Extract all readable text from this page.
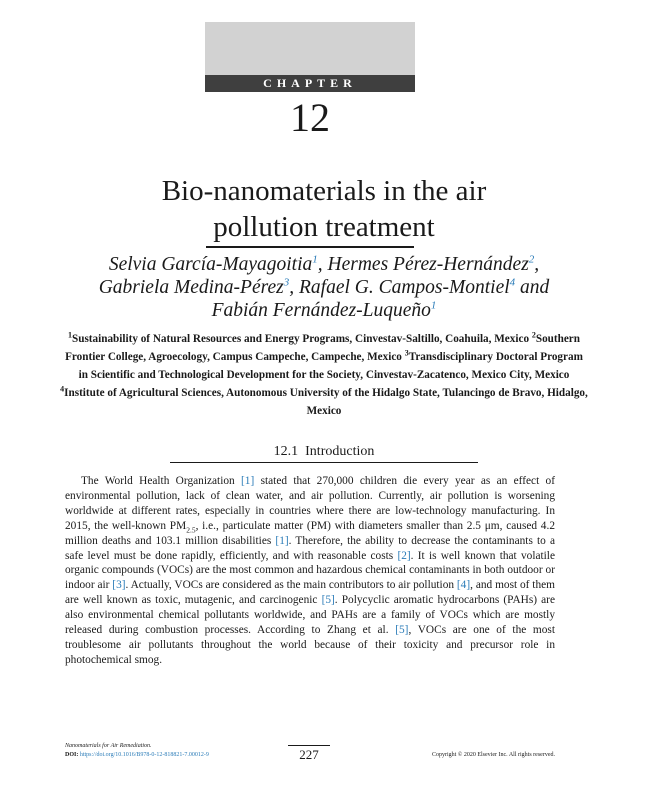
CHAPTER
12
Bio-nanomaterials in the air
pollution treatment
Selvia García-Mayagoitia$^1$, Hermes Pérez-Hernández$^2$,
Gabriela Medina-Pérez$^3$, Rafael G. Campos-Montiel$^4$ and
Fabián Fernández-Luqueño$^1$
$^1$Sustainability of Natural Resources and Energy Programs, Cinvestav-Saltillo, Coahuila, Mexico $^2$Southern Frontier College, Agroecology, Campus Campeche, Campeche, Mexico $^3$Transdisciplinary Doctoral Program in Scientific and Technological Development for the Society, Cinvestav-Zacatenco, Mexico City, Mexico $^4$Institute of Agricultural Sciences, Autonomous University of the Hidalgo State, Tulancingo de Bravo, Hidalgo, Mexico
12.1 Introduction
The World Health Organization [1] stated that 270,000 children die every year as an effect of environmental pollution, lack of clean water, and air pollution. Currently, air pollution is worsening worldwide at different rates, especially in countries where there are low-technology manufacturing. In 2015, the well-known $PM_{2.5}$, i.e., particulate matter (PM) with diameters smaller than 2.5 μm, caused 4.2 million deaths and 103.1 million disabilities [1]. Therefore, the ability to decrease the contaminants to a safe level must be done rapidly, efficiently, and with reasonable costs [2]. It is well known that volatile organic compounds (VOCs) are the most common and hazardous chemical contaminants in both outdoor or indoor air [3]. Actually, VOCs are considered as the main contributors to air pollution [4], and most of them are well known as toxic, mutagenic, and carcinogenic [5]. Polycyclic aromatic hydrocarbons (PAHs) are also environmental chemical pollutants worldwide, and PAHs are a family of VOCs which are mostly released during combustion processes. According to Zhang et al. [5], VOCs are one of the most troublesome air pollutants throughout the world because of their toxicity and precursor role in photochemical smog.
Nanomaterials for Air Remediation.
DOI: https://doi.org/10.1016/B978-0-12-818821-7.00012-9	227	Copyright © 2020 Elsevier Inc. All rights reserved.
